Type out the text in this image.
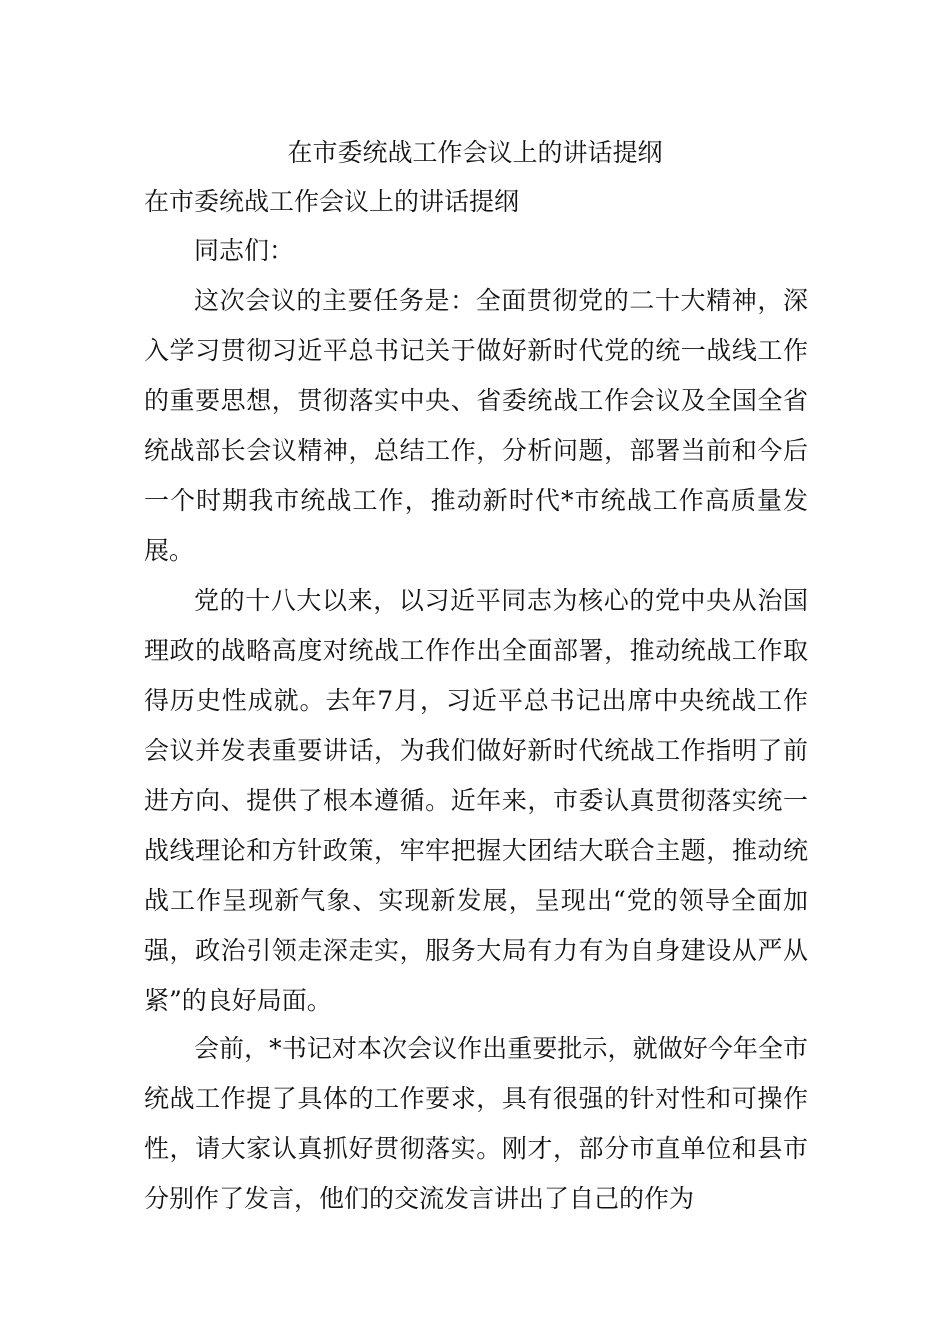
在市委统战工作会议上的讲话提纲
在市委统战工作会议上的讲话提纲
同志们：

这次会议的主要任务是：全面贯彻党的二十大精神，深入学习贯彻习近平总书记关于做好新时代党的统一战线工作的重要思想，贯彻落实中央、省委统战工作会议及全国全省统战部长会议精神，总结工作，分析问题，部署当前和今后一个时期我市统战工作，推动新时代*市统战工作高质量发展。

党的十八大以来，以习近平同志为核心的党中央从治国理政的战略高度对统战工作作出全面部署，推动统战工作取得历史性成就。去年7月，习近平总书记出席中央统战工作会议并发表重要讲话，为我们做好新时代统战工作指明了前进方向、提供了根本遵循。近年来，市委认真贯彻落实统一战线理论和方针政策，牢牢把握大团结大联合主题，推动统战工作呈现新气象、实现新发展，呈现出“党的领导全面加强，政治引领走深走实，服务大局有力有为自身建设从严从紧”的良好局面。

会前，*书记对本次会议作出重要批示，就做好今年全市统战工作提了具体的工作要求，具有很强的针对性和可操作性，请大家认真抓好贯彻落实。刚才，部分市直单位和县市分别作了发言，他们的交流发言讲出了自己的作为
